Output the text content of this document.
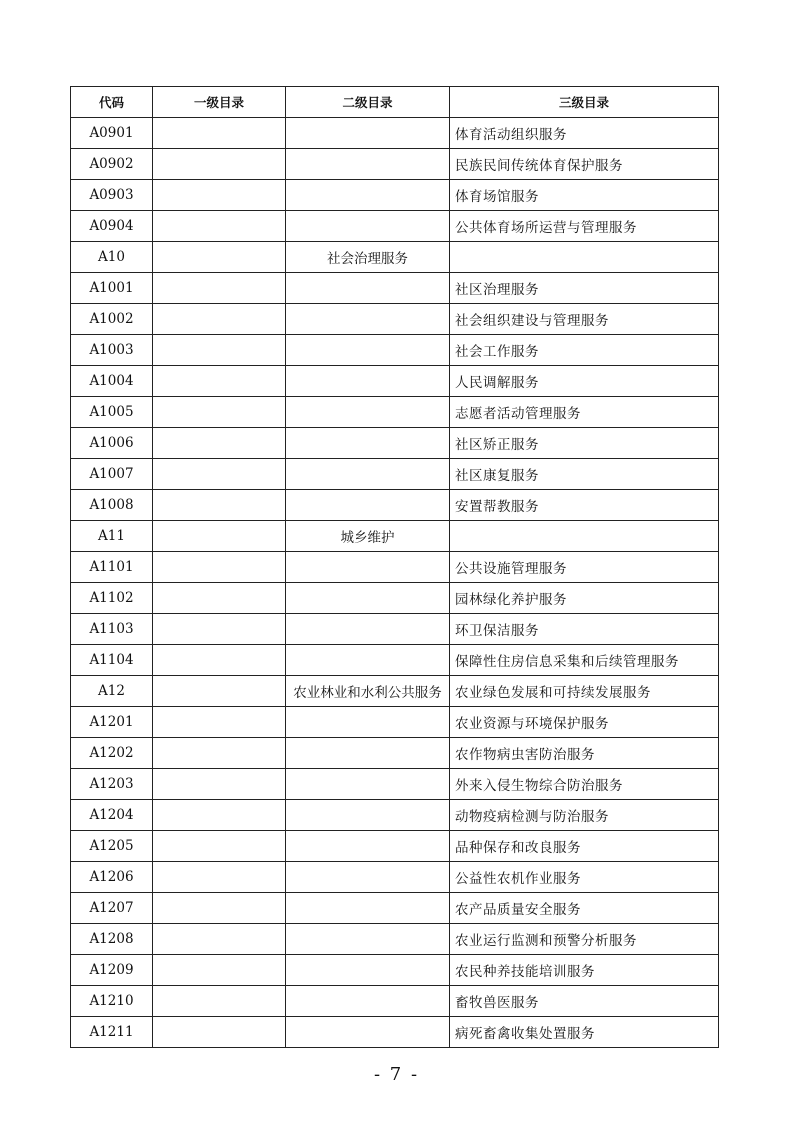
代码	一级目录	二级目录	三级目录
A0901			体育活动组织服务
A0902			民族民间传统体育保护服务
A0903			体育场馆服务
A0904			公共体育场所运营与管理服务
A10		社会治理服务	
A1001			社区治理服务
A1002			社会组织建设与管理服务
A1003			社会工作服务
A1004			人民调解服务
A1005			志愿者活动管理服务
A1006			社区矫正服务
A1007			社区康复服务
A1008			安置帮教服务
A11		城乡维护	
A1101			公共设施管理服务
A1102			园林绿化养护服务
A1103			环卫保洁服务
A1104			保障性住房信息采集和后续管理服务
A12		农业林业和水利公共服务	农业绿色发展和可持续发展服务
A1201			农业资源与环境保护服务
A1202			农作物病虫害防治服务
A1203			外来入侵生物综合防治服务
A1204			动物疫病检测与防治服务
A1205			品种保存和改良服务
A1206			公益性农机作业服务
A1207			农产品质量安全服务
A1208			农业运行监测和预警分析服务
A1209			农民种养技能培训服务
A1210			畜牧兽医服务
A1211			病死畜禽收集处置服务
- 7 -
